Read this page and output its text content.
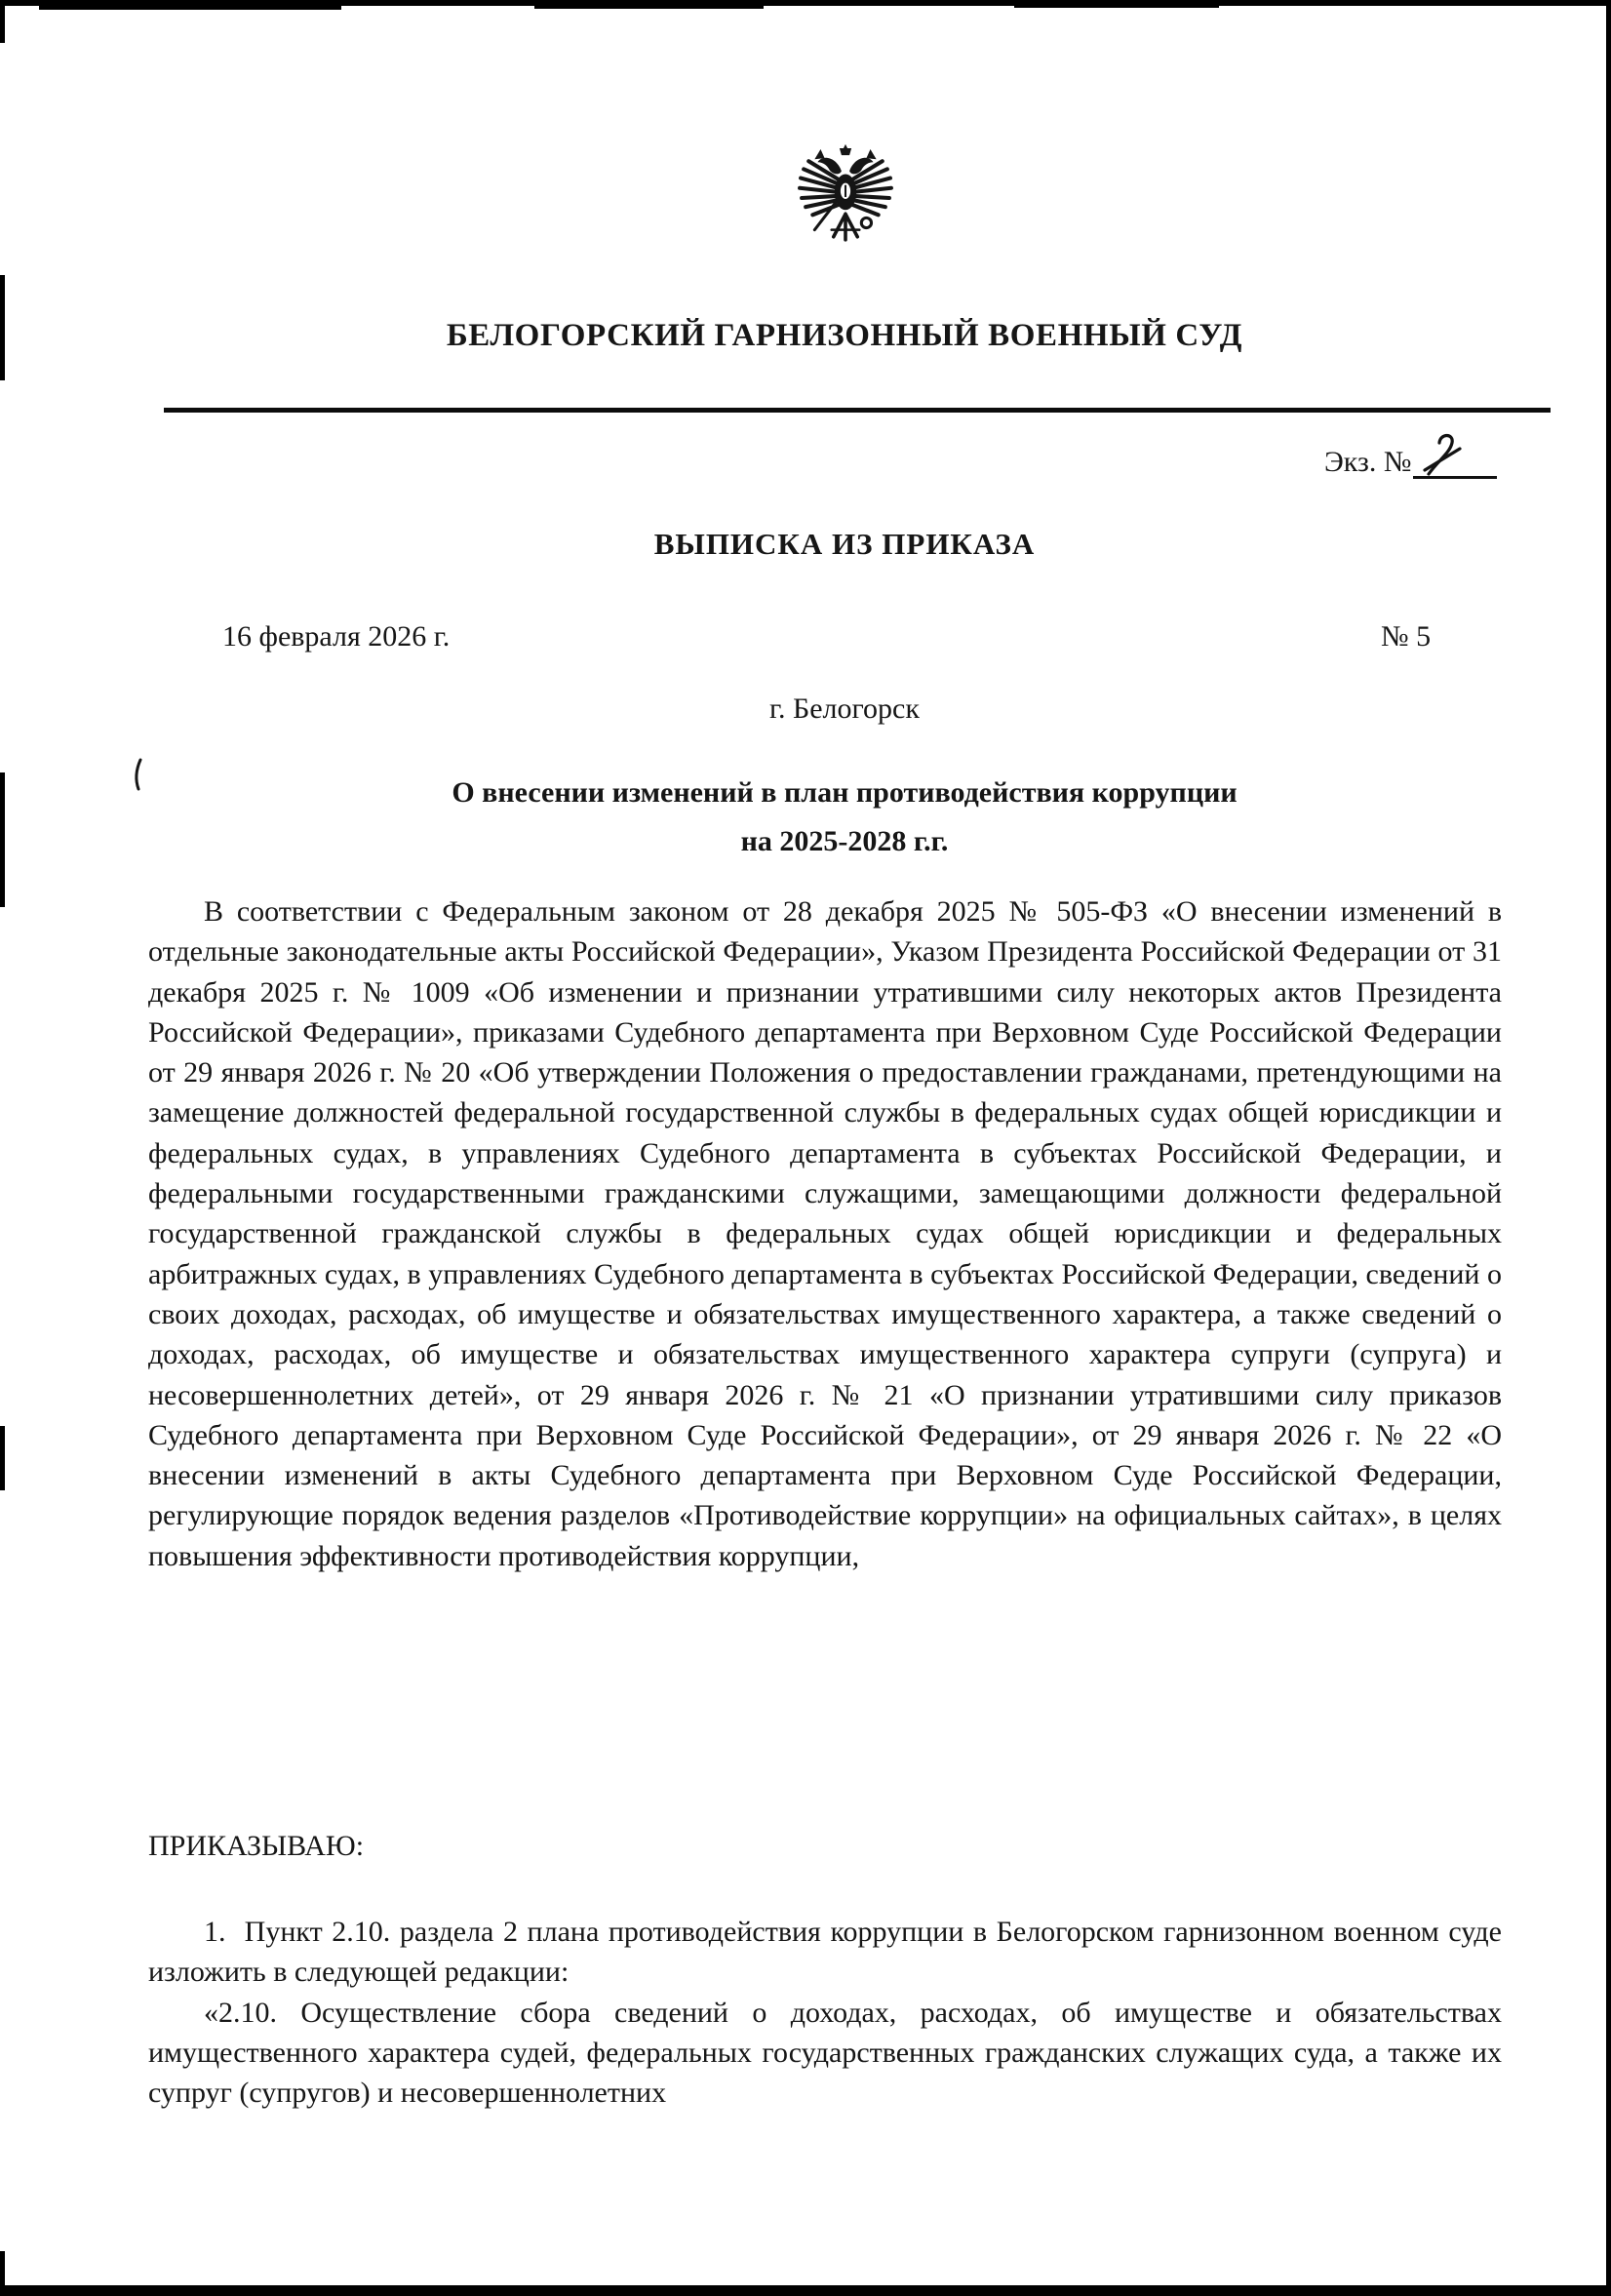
БЕЛОГОРСКИЙ ГАРНИЗОННЫЙ ВОЕННЫЙ СУД
Экз. №
ВЫПИСКА ИЗ ПРИКАЗА
16 февраля 2026 г.	№ 5
г. Белогорск
О внесении изменений в план противодействия коррупции
на 2025-2028 г.г.

В соответствии с Федеральным законом от 28 декабря 2025 № 505-ФЗ «О внесении изменений в отдельные законодательные акты Российской Федерации», Указом Президента Российской Федерации от 31 декабря 2025 г. № 1009 «Об изменении и признании утратившими силу некоторых актов Президента Российской Федерации», приказами Судебного департамента при Верховном Суде Российской Федерации от 29 января 2026 г. № 20 «Об утверждении Положения о предоставлении гражданами, претендующими на замещение должностей федеральной государственной службы в федеральных судах общей юрисдикции и федеральных судах, в управлениях Судебного департамента в субъектах Российской Федерации, и федеральными государственными гражданскими служащими, замещающими должности федеральной государственной гражданской службы в федеральных судах общей юрисдикции и федеральных арбитражных судах, в управлениях Судебного департамента в субъектах Российской Федерации, сведений о своих доходах, расходах, об имуществе и обязательствах имущественного характера, а также сведений о доходах, расходах, об имуществе и обязательствах имущественного характера супруги (супруга) и несовершеннолетних детей», от 29 января 2026 г. № 21 «О признании утратившими силу приказов Судебного департамента при Верховном Суде Российской Федерации», от 29 января 2026 г. № 22 «О внесении изменений в акты Судебного департамента при Верховном Суде Российской Федерации, регулирующие порядок ведения разделов «Противодействие коррупции» на официальных сайтах», в целях повышения эффективности противодействия коррупции,

ПРИКАЗЫВАЮ:

1.  Пункт 2.10. раздела 2 плана противодействия коррупции в Белогорском гарнизонном военном суде изложить в следующей редакции:

«2.10. Осуществление сбора сведений о доходах, расходах, об имуществе и обязательствах имущественного характера судей, федеральных государственных гражданских служащих суда, а также их супруг (супругов) и несовершеннолетних
